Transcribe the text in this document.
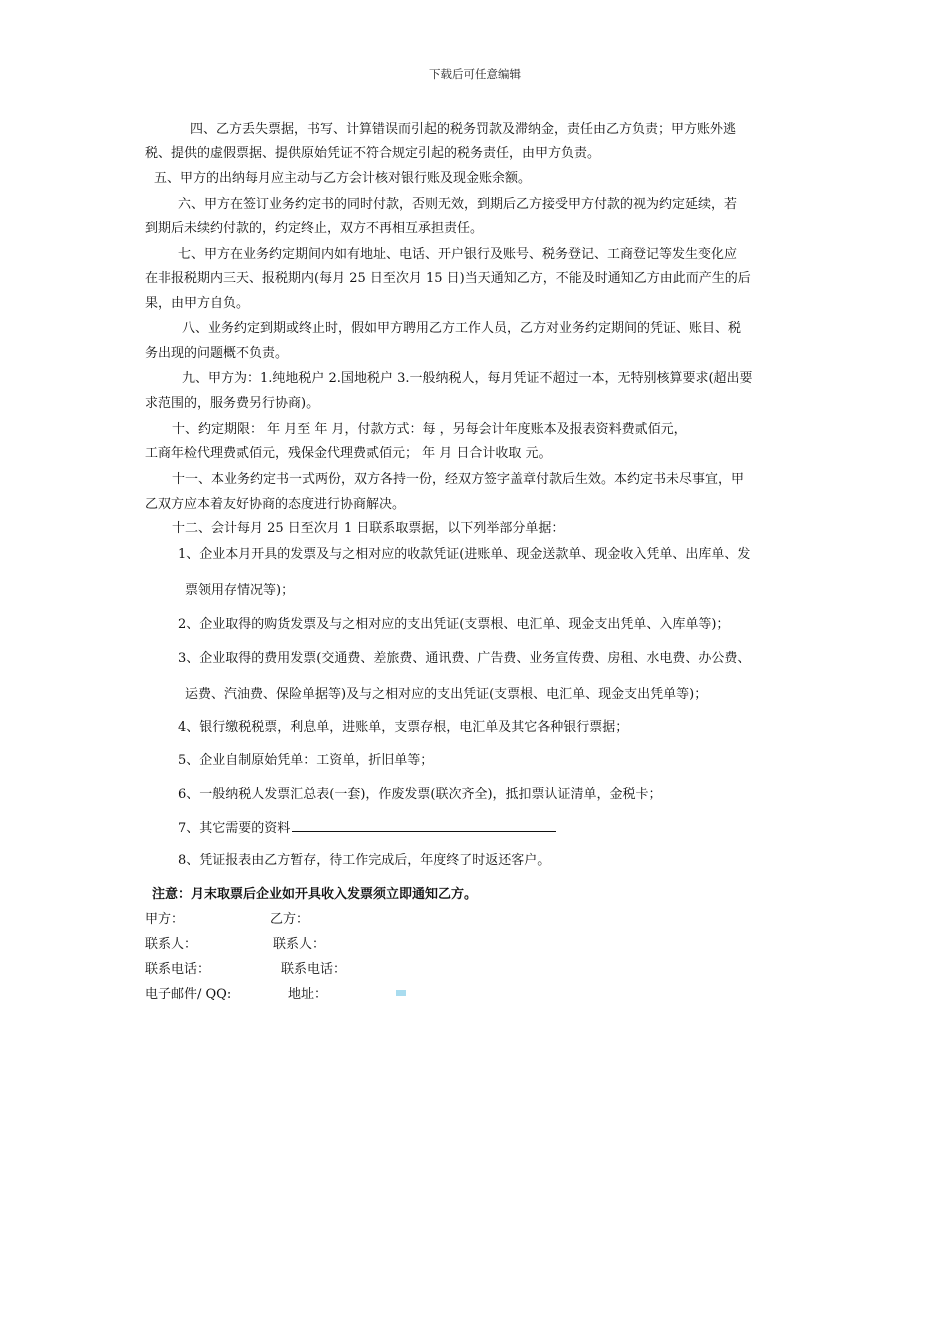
下载后可任意编辑
四、乙方丢失票据，书写、计算错误而引起的税务罚款及滞纳金，责任由乙方负责；甲方账外逃
税、提供的虚假票据、提供原始凭证不符合规定引起的税务责任，由甲方负责。
五、甲方的出纳每月应主动与乙方会计核对银行账及现金账余额。
六、甲方在签订业务约定书的同时付款，否则无效，到期后乙方接受甲方付款的视为约定延续，若
到期后未续约付款的，约定终止，双方不再相互承担责任。
七、甲方在业务约定期间内如有地址、电话、开户银行及账号、税务登记、工商登记等发生变化应
在非报税期内三天、报税期内(每月 25 日至次月 15 日)当天通知乙方，不能及时通知乙方由此而产生的后
果，由甲方自负。
八、业务约定到期或终止时，假如甲方聘用乙方工作人员，乙方对业务约定期间的凭证、账目、税
务出现的问题概不负责。
九、甲方为：1.纯地税户 2.国地税户 3.一般纳税人，每月凭证不超过一本，无特别核算要求(超出要
求范围的，服务费另行协商)。
十、约定期限： 年 月至 年 月，付款方式：每 ，另每会计年度账本及报表资料费贰佰元，
工商年检代理费贰佰元，残保金代理费贰佰元； 年 月 日合计收取 元。
十一、本业务约定书一式两份，双方各持一份，经双方签字盖章付款后生效。本约定书未尽事宜，甲
乙双方应本着友好协商的态度进行协商解决。
十二、会计每月 25 日至次月 1 日联系取票据，以下列举部分单据：
1、企业本月开具的发票及与之相对应的收款凭证(进账单、现金送款单、现金收入凭单、出库单、发
票领用存情况等)；
2、企业取得的购货发票及与之相对应的支出凭证(支票根、电汇单、现金支出凭单、入库单等)；
3、企业取得的费用发票(交通费、差旅费、通讯费、广告费、业务宣传费、房租、水电费、办公费、
运费、汽油费、保险单据等)及与之相对应的支出凭证(支票根、电汇单、现金支出凭单等)；
4、银行缴税税票，利息单，进账单，支票存根，电汇单及其它各种银行票据；
5、企业自制原始凭单：工资单，折旧单等；
6、一般纳税人发票汇总表(一套)，作废发票(联次齐全)，抵扣票认证清单，金税卡；
7、其它需要的资料
8、凭证报表由乙方暂存，待工作完成后，年度终了时返还客户。
注意：月末取票后企业如开具收入发票须立即通知乙方。
甲方：	乙方：
联系人：	联系人：
联系电话：	联系电话：
电子邮件/ QQ:	地址：
